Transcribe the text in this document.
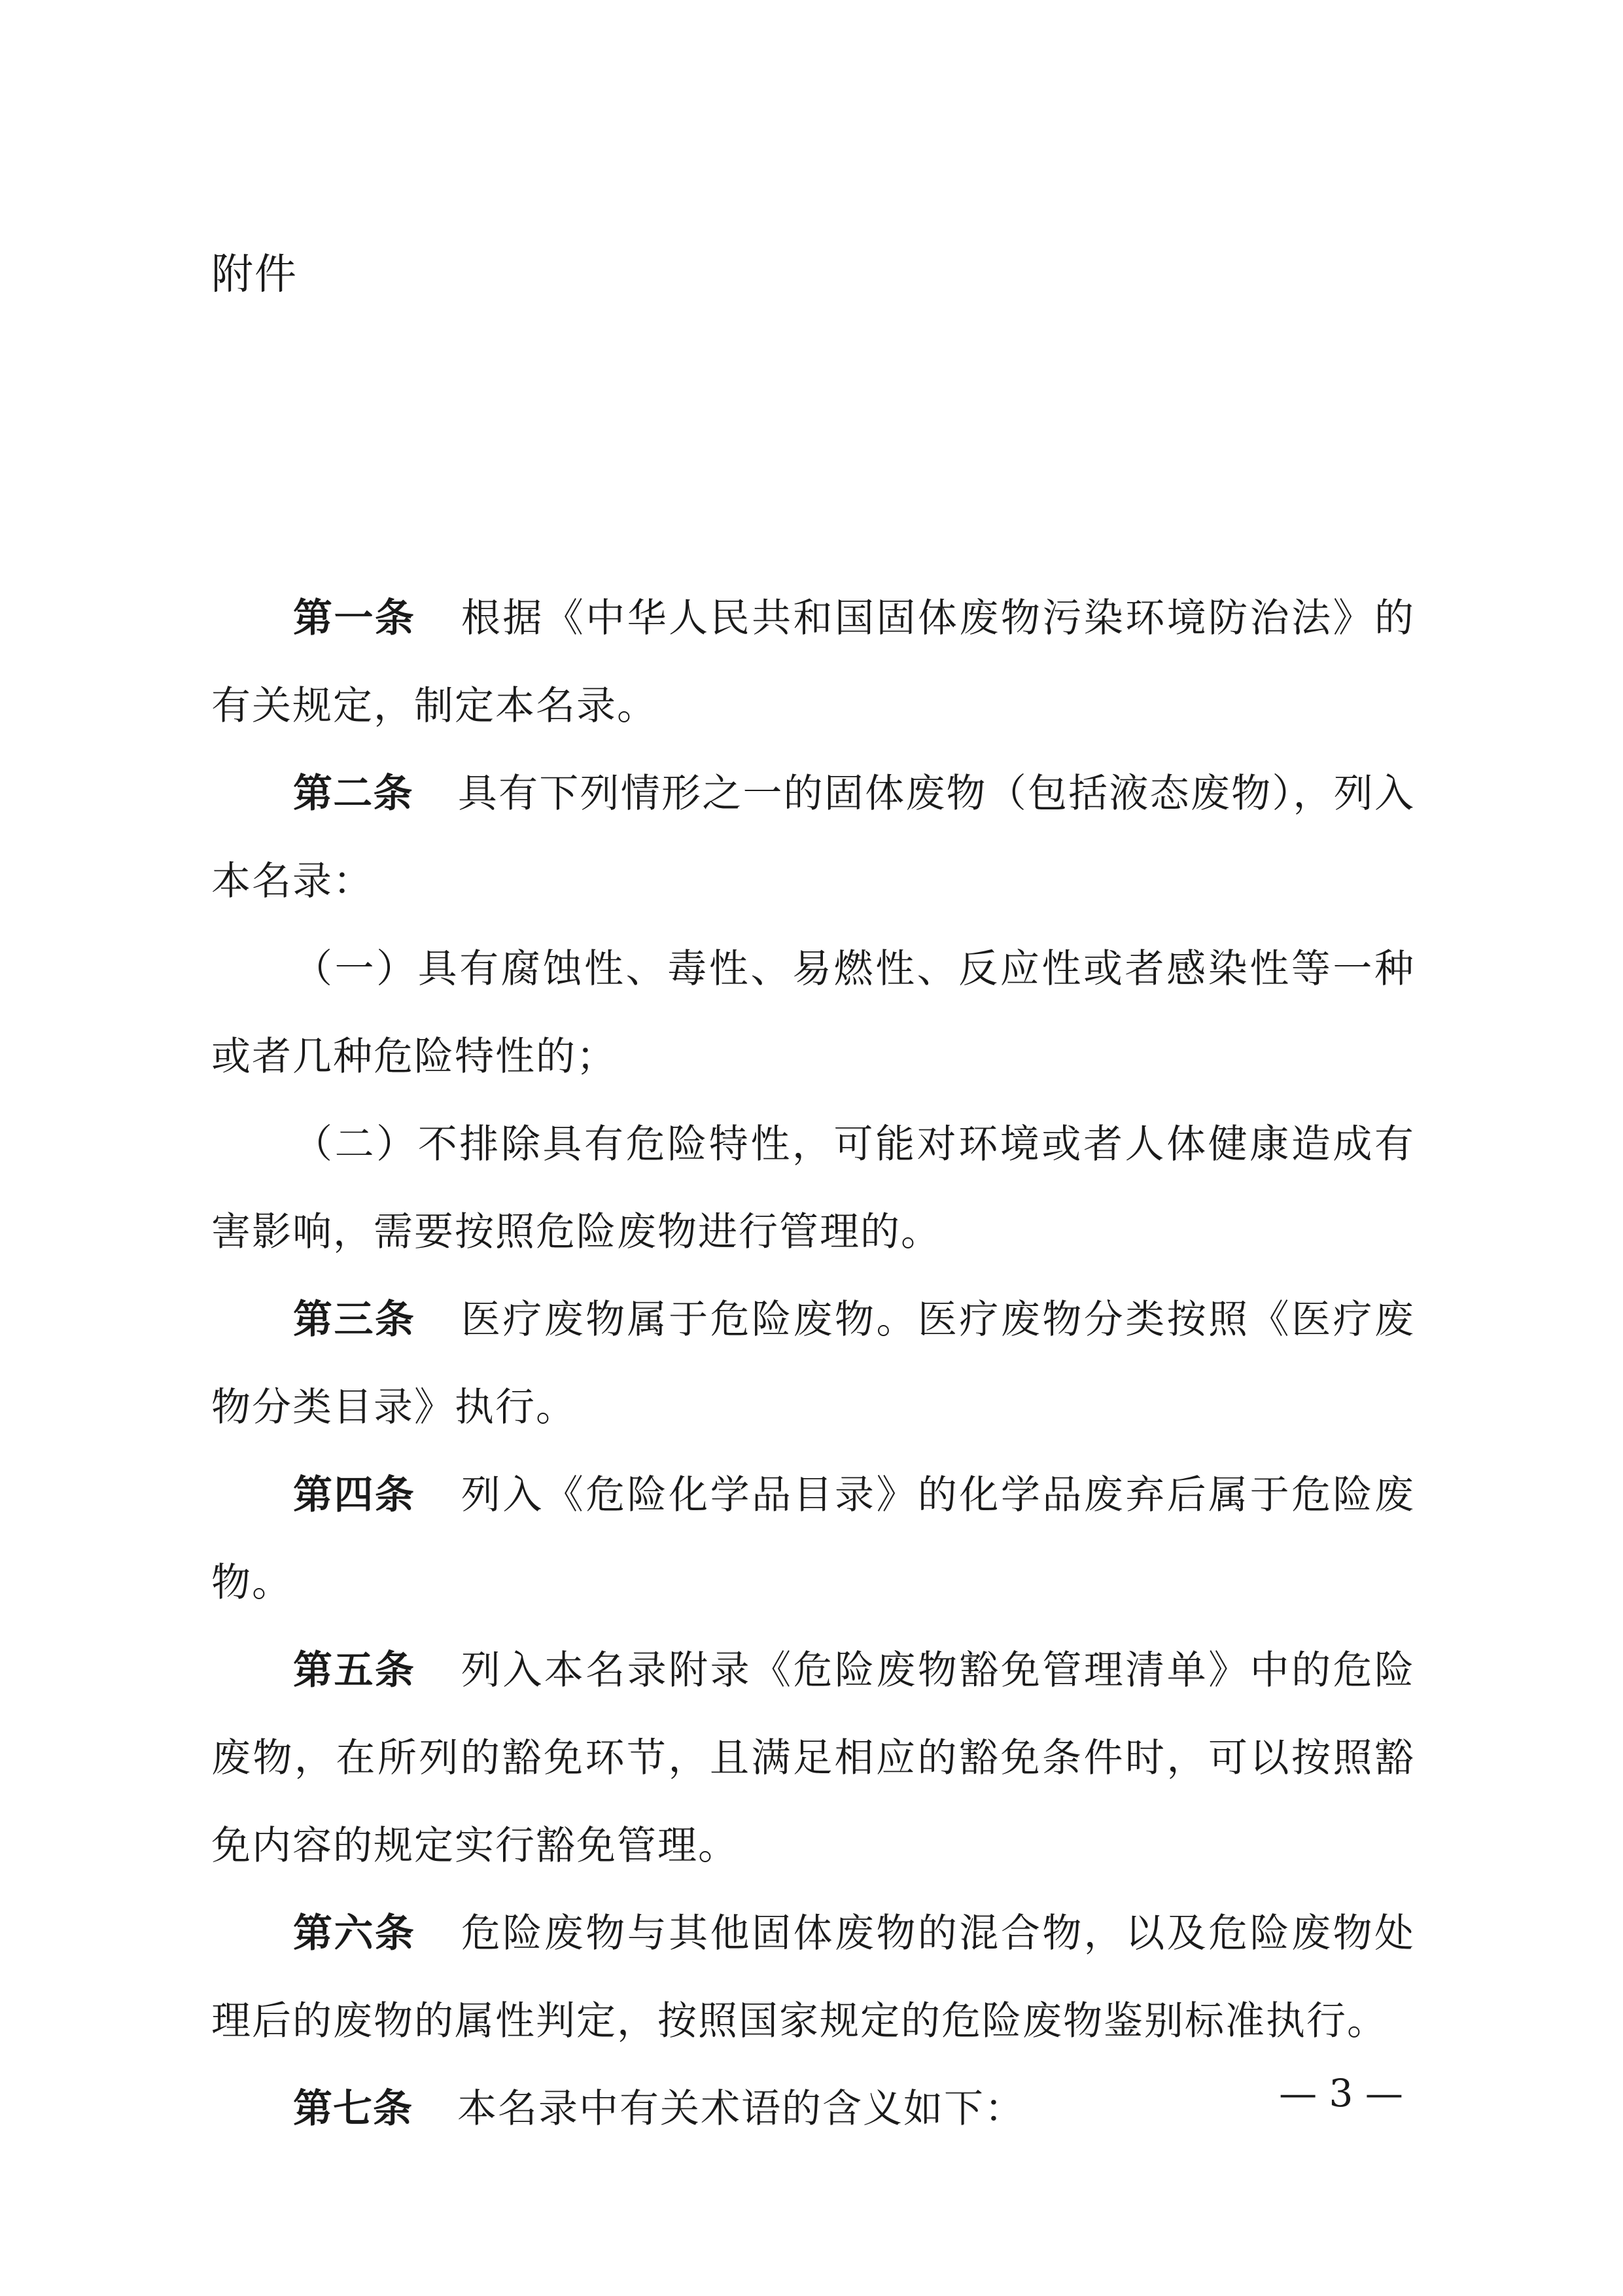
附件

第一条 根据《中华人民共和国固体废物污染环境防治法》的有关规定，制定本名录。

第二条 具有下列情形之一的固体废物（包括液态废物），列入本名录：

（一）具有腐蚀性、毒性、易燃性、反应性或者感染性等一种或者几种危险特性的；

（二）不排除具有危险特性，可能对环境或者人体健康造成有害影响，需要按照危险废物进行管理的。

第三条 医疗废物属于危险废物。医疗废物分类按照《医疗废物分类目录》执行。

第四条 列入《危险化学品目录》的化学品废弃后属于危险废物。

第五条 列入本名录附录《危险废物豁免管理清单》中的危险废物，在所列的豁免环节，且满足相应的豁免条件时，可以按照豁免内容的规定实行豁免管理。

第六条 危险废物与其他固体废物的混合物，以及危险废物处理后的废物的属性判定，按照国家规定的危险废物鉴别标准执行。

第七条 本名录中有关术语的含义如下：	— 3 —
